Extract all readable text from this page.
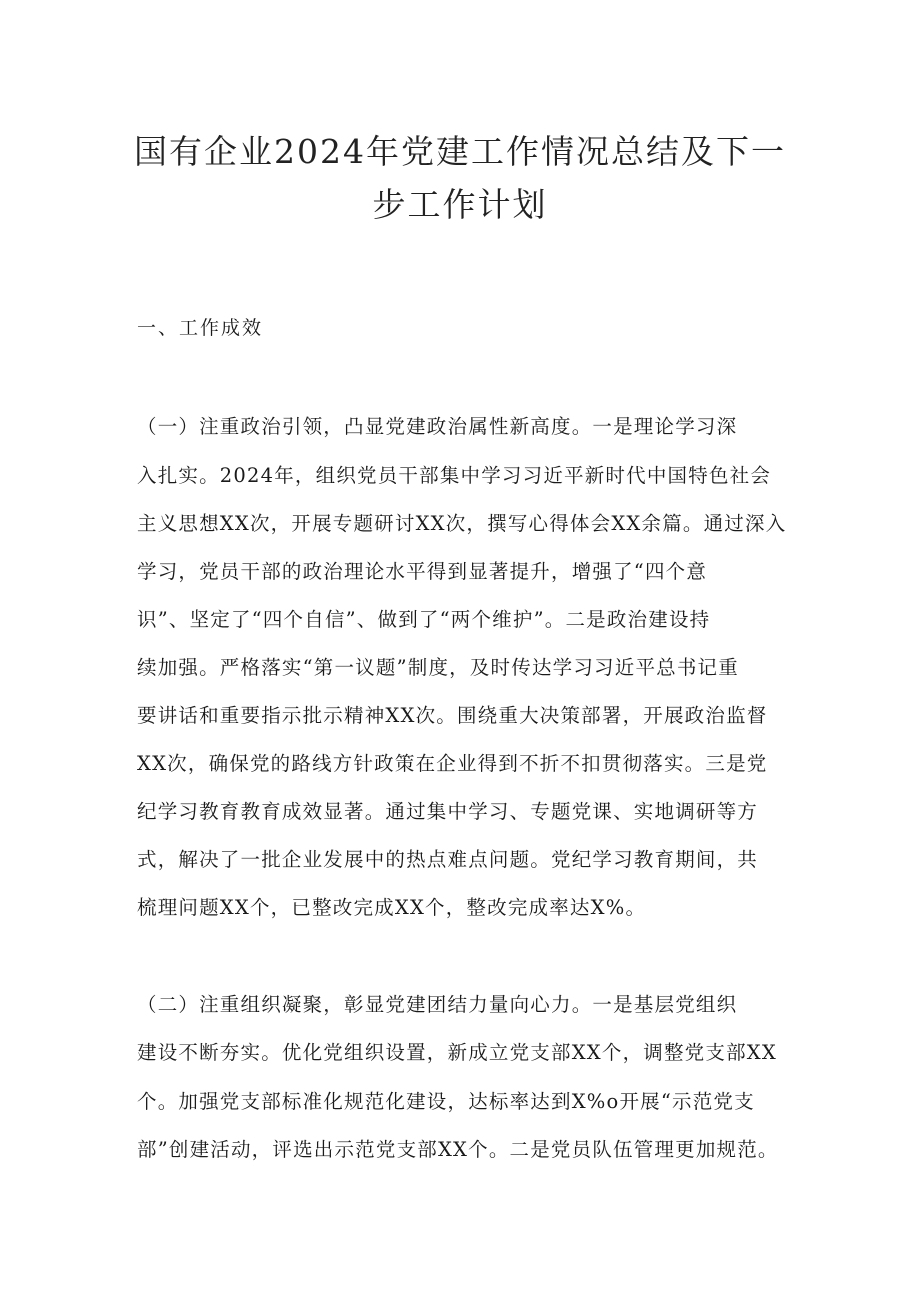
国有企业2024年党建工作情况总结及下一
步工作计划
一、工作成效
（一）注重政治引领，凸显党建政治属性新高度。一是理论学习深
入扎实。2024年，组织党员干部集中学习习近平新时代中国特色社会
主义思想XX次，开展专题研讨XX次，撰写心得体会XX余篇。通过深入
学习，党员干部的政治理论水平得到显著提升，增强了“四个意
识”、坚定了“四个自信”、做到了“两个维护”。二是政治建设持
续加强。严格落实“第一议题”制度，及时传达学习习近平总书记重
要讲话和重要指示批示精神XX次。围绕重大决策部署，开展政治监督
XX次，确保党的路线方针政策在企业得到不折不扣贯彻落实。三是党
纪学习教育教育成效显著。通过集中学习、专题党课、实地调研等方
式，解决了一批企业发展中的热点难点问题。党纪学习教育期间，共
梳理问题XX个，已整改完成XX个，整改完成率达X%。
（二）注重组织凝聚，彰显党建团结力量向心力。一是基层党组织
建设不断夯实。优化党组织设置，新成立党支部XX个，调整党支部XX
个。加强党支部标准化规范化建设，达标率达到X%o开展“示范党支
部”创建活动，评选出示范党支部XX个。二是党员队伍管理更加规范。
